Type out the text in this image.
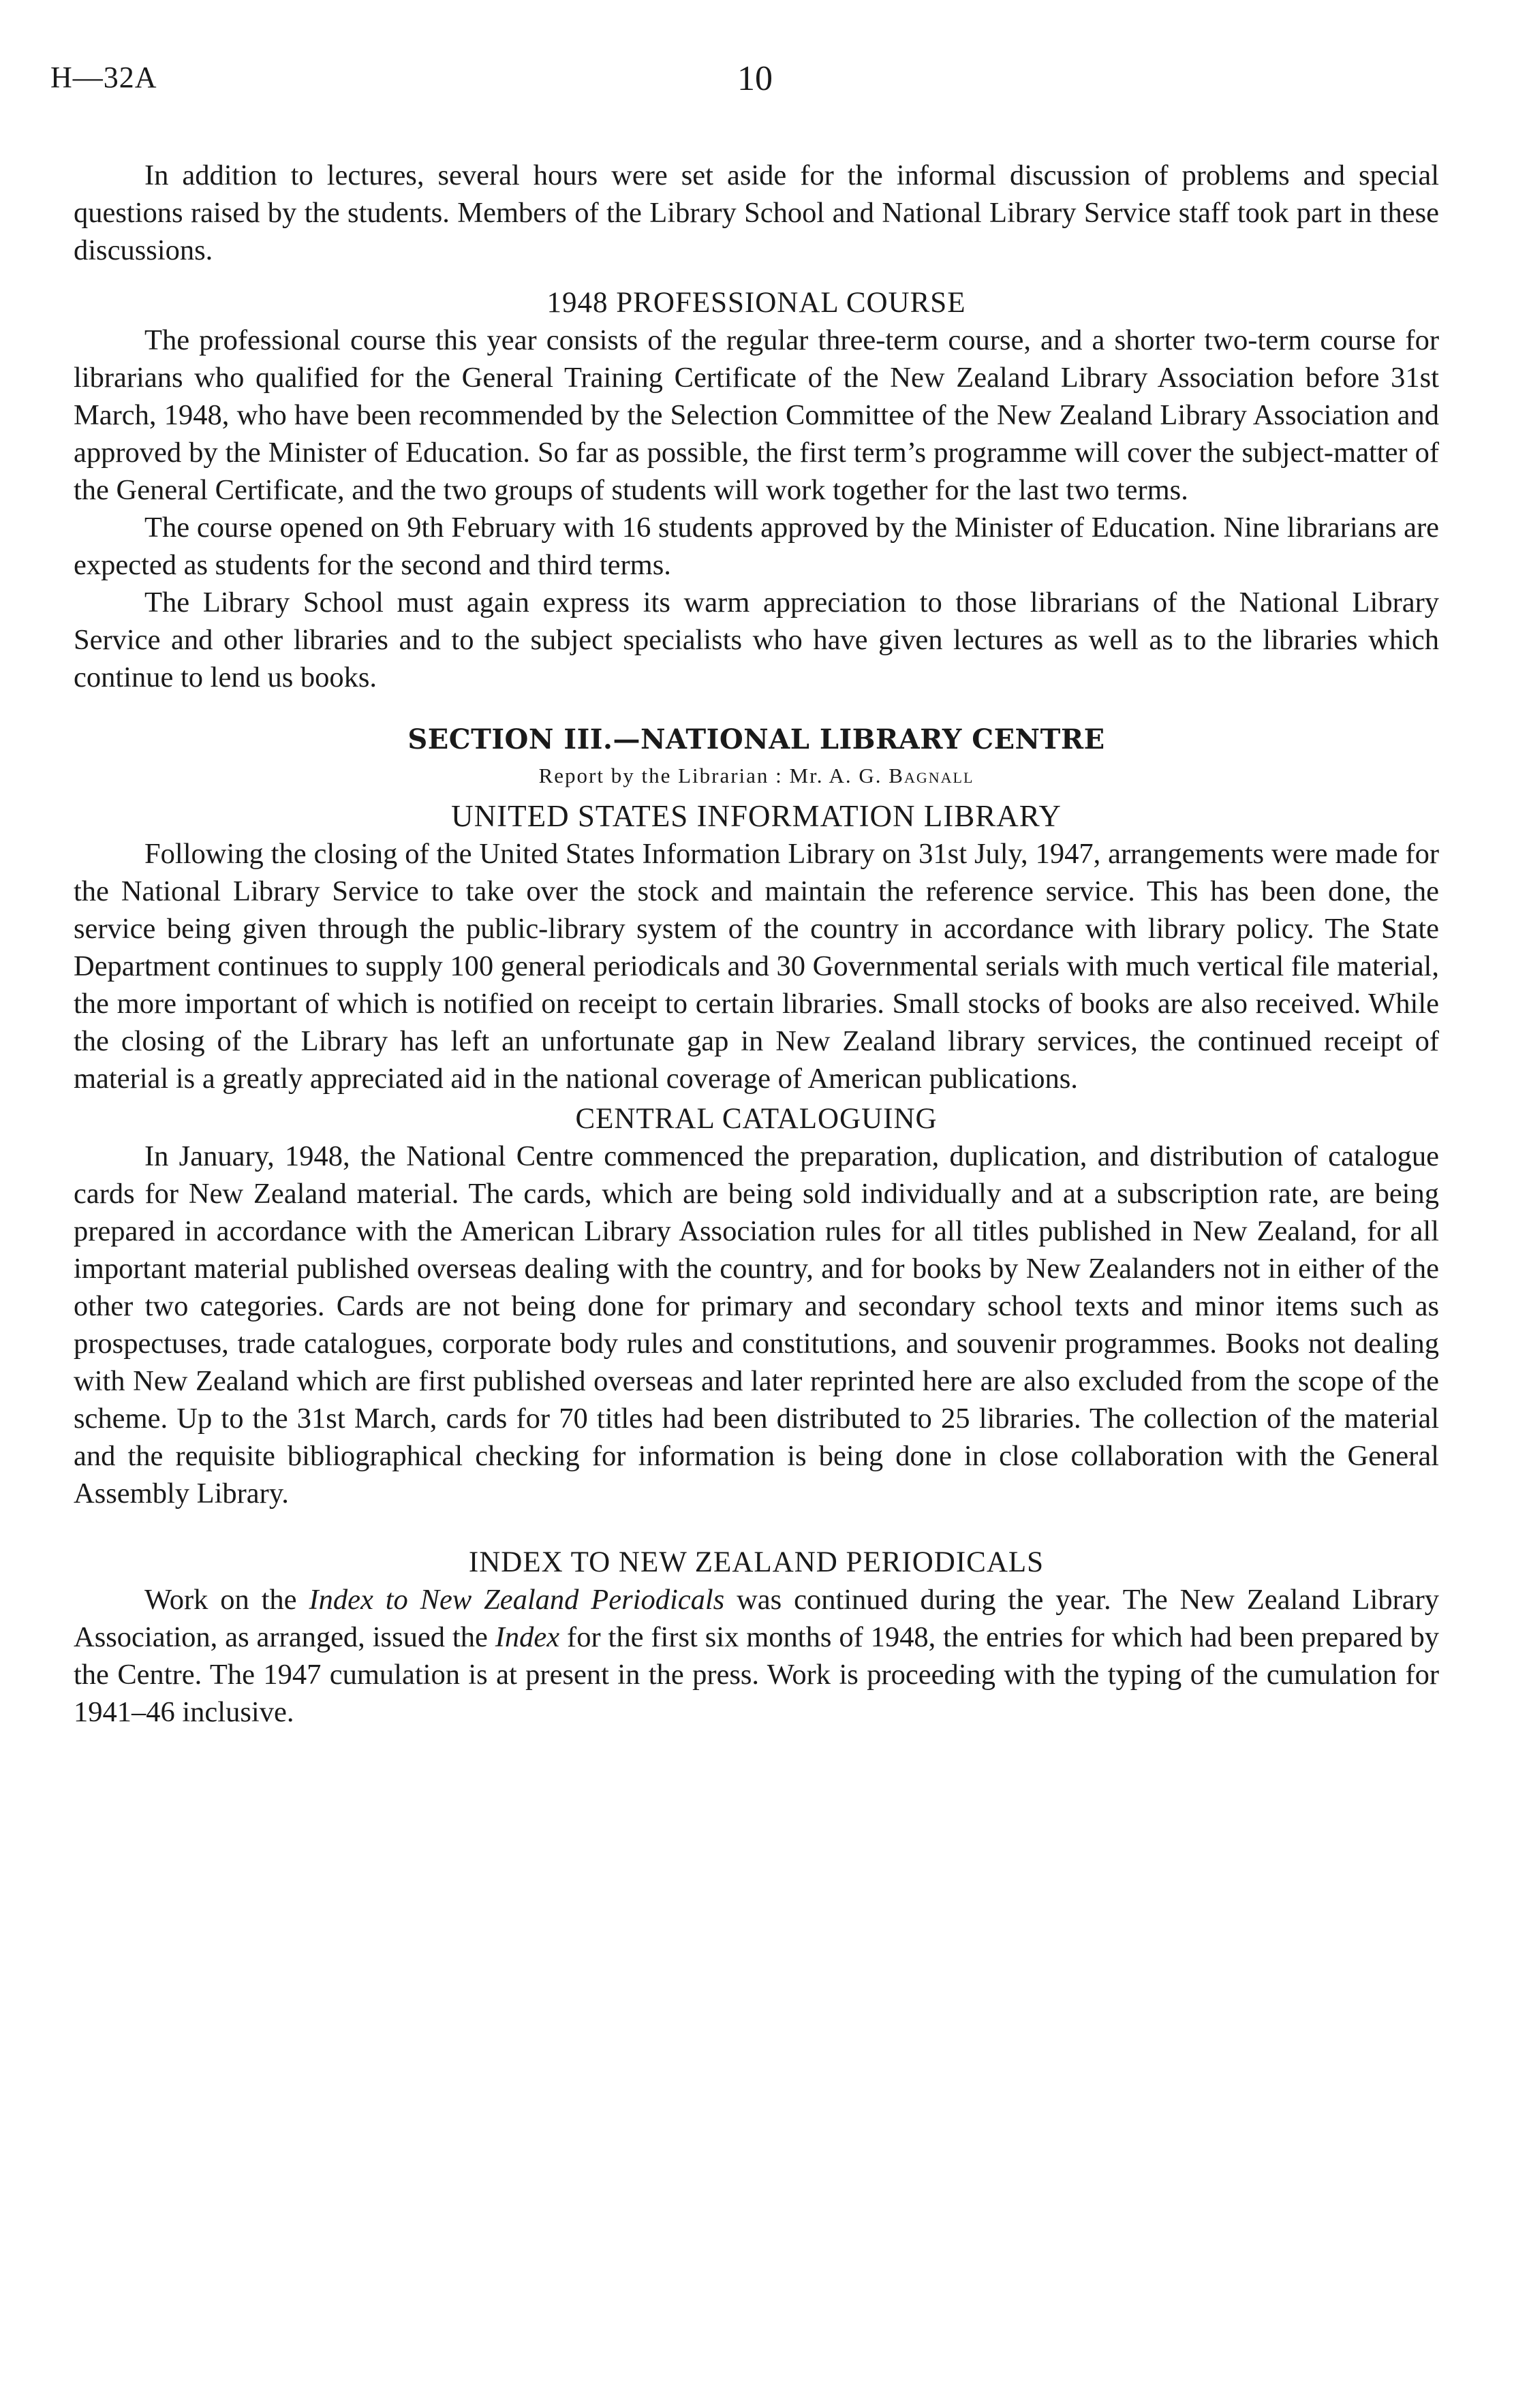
H—32A	10

In addition to lectures, several hours were set aside for the informal discussion of problems and special questions raised by the students. Members of the Library School and National Library Service staff took part in these discussions.

1948 PROFESSIONAL COURSE

The professional course this year consists of the regular three-term course, and a shorter two-term course for librarians who qualified for the General Training Certificate of the New Zealand Library Association before 31st March, 1948, who have been recommended by the Selection Committee of the New Zealand Library Association and approved by the Minister of Education. So far as possible, the first term’s programme will cover the subject-matter of the General Certificate, and the two groups of students will work together for the last two terms.

The course opened on 9th February with 16 students approved by the Minister of Education. Nine librarians are expected as students for the second and third terms.

The Library School must again express its warm appreciation to those librarians of the National Library Service and other libraries and to the subject specialists who have given lectures as well as to the libraries which continue to lend us books.

SECTION III.—NATIONAL LIBRARY CENTRE
Report by the Librarian : Mr. A. G. Bagnall
UNITED STATES INFORMATION LIBRARY

Following the closing of the United States Information Library on 31st July, 1947, arrangements were made for the National Library Service to take over the stock and maintain the reference service. This has been done, the service being given through the public-library system of the country in accordance with library policy. The State Department continues to supply 100 general periodicals and 30 Governmental serials with much vertical file material, the more important of which is notified on receipt to certain libraries. Small stocks of books are also received. While the closing of the Library has left an unfortunate gap in New Zealand library services, the continued receipt of material is a greatly appreciated aid in the national coverage of American publications.

CENTRAL CATALOGUING

In January, 1948, the National Centre commenced the preparation, duplication, and distribution of catalogue cards for New Zealand material. The cards, which are being sold individually and at a subscription rate, are being prepared in accordance with the American Library Association rules for all titles published in New Zealand, for all important material published overseas dealing with the country, and for books by New Zealanders not in either of the other two categories. Cards are not being done for primary and secondary school texts and minor items such as prospectuses, trade catalogues, corporate body rules and constitutions, and souvenir programmes. Books not dealing with New Zealand which are first published overseas and later reprinted here are also excluded from the scope of the scheme. Up to the 31st March, cards for 70 titles had been distributed to 25 libraries. The collection of the material and the requisite bibliographical checking for information is being done in close collaboration with the General Assembly Library.

INDEX TO NEW ZEALAND PERIODICALS

Work on the Index to New Zealand Periodicals was continued during the year. The New Zealand Library Association, as arranged, issued the Index for the first six months of 1948, the entries for which had been prepared by the Centre. The 1947 cumulation is at present in the press. Work is proceeding with the typing of the cumulation for 1941–46 inclusive.
